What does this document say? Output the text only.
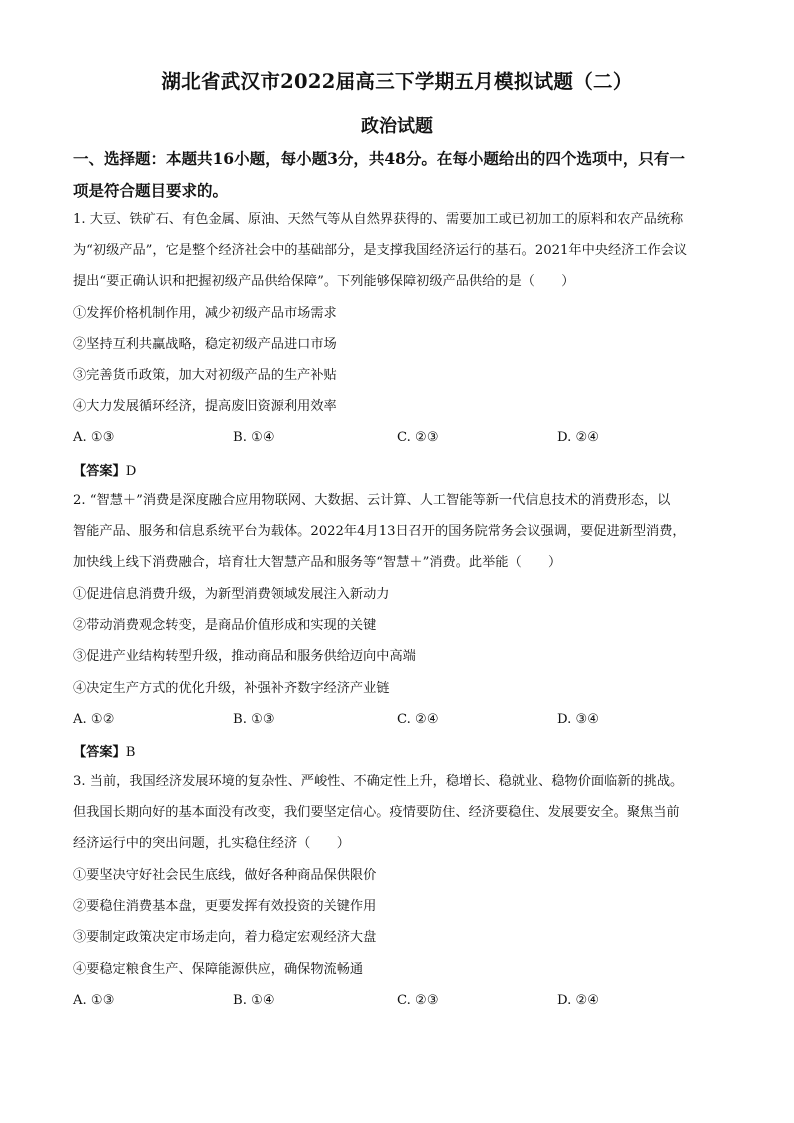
湖北省武汉市2022届高三下学期五月模拟试题（二）
政治试题
一、选择题：本题共16小题，每小题3分，共48分。在每小题给出的四个选项中，只有一
项是符合题目要求的。
1. 大豆、铁矿石、有色金属、原油、天然气等从自然界获得的、需要加工或已初加工的原料和农产品统称
为“初级产品”，它是整个经济社会中的基础部分，是支撑我国经济运行的基石。2021年中央经济工作会议
提出“要正确认识和把握初级产品供给保障”。下列能够保障初级产品供给的是（　　）
①发挥价格机制作用，减少初级产品市场需求
②坚持互利共赢战略，稳定初级产品进口市场
③完善货币政策，加大对初级产品的生产补贴
④大力发展循环经济，提高废旧资源利用效率
A. ①③	B. ①④	C. ②③	D. ②④
【答案】D
2. “智慧＋”消费是深度融合应用物联网、大数据、云计算、人工智能等新一代信息技术的消费形态，以
智能产品、服务和信息系统平台为载体。2022年4月13日召开的国务院常务会议强调，要促进新型消费，
加快线上线下消费融合，培育壮大智慧产品和服务等“智慧＋”消费。此举能（　　）
①促进信息消费升级，为新型消费领域发展注入新动力
②带动消费观念转变，是商品价值形成和实现的关键
③促进产业结构转型升级，推动商品和服务供给迈向中高端
④决定生产方式的优化升级，补强补齐数字经济产业链
A. ①②	B. ①③	C. ②④	D. ③④
【答案】B
3. 当前，我国经济发展环境的复杂性、严峻性、不确定性上升，稳增长、稳就业、稳物价面临新的挑战。
但我国长期向好的基本面没有改变，我们要坚定信心。疫情要防住、经济要稳住、发展要安全。聚焦当前
经济运行中的突出问题，扎实稳住经济（　　）
①要坚决守好社会民生底线，做好各种商品保供限价
②要稳住消费基本盘，更要发挥有效投资的关键作用
③要制定政策决定市场走向，着力稳定宏观经济大盘
④要稳定粮食生产、保障能源供应，确保物流畅通
A. ①③	B. ①④	C. ②③	D. ②④
